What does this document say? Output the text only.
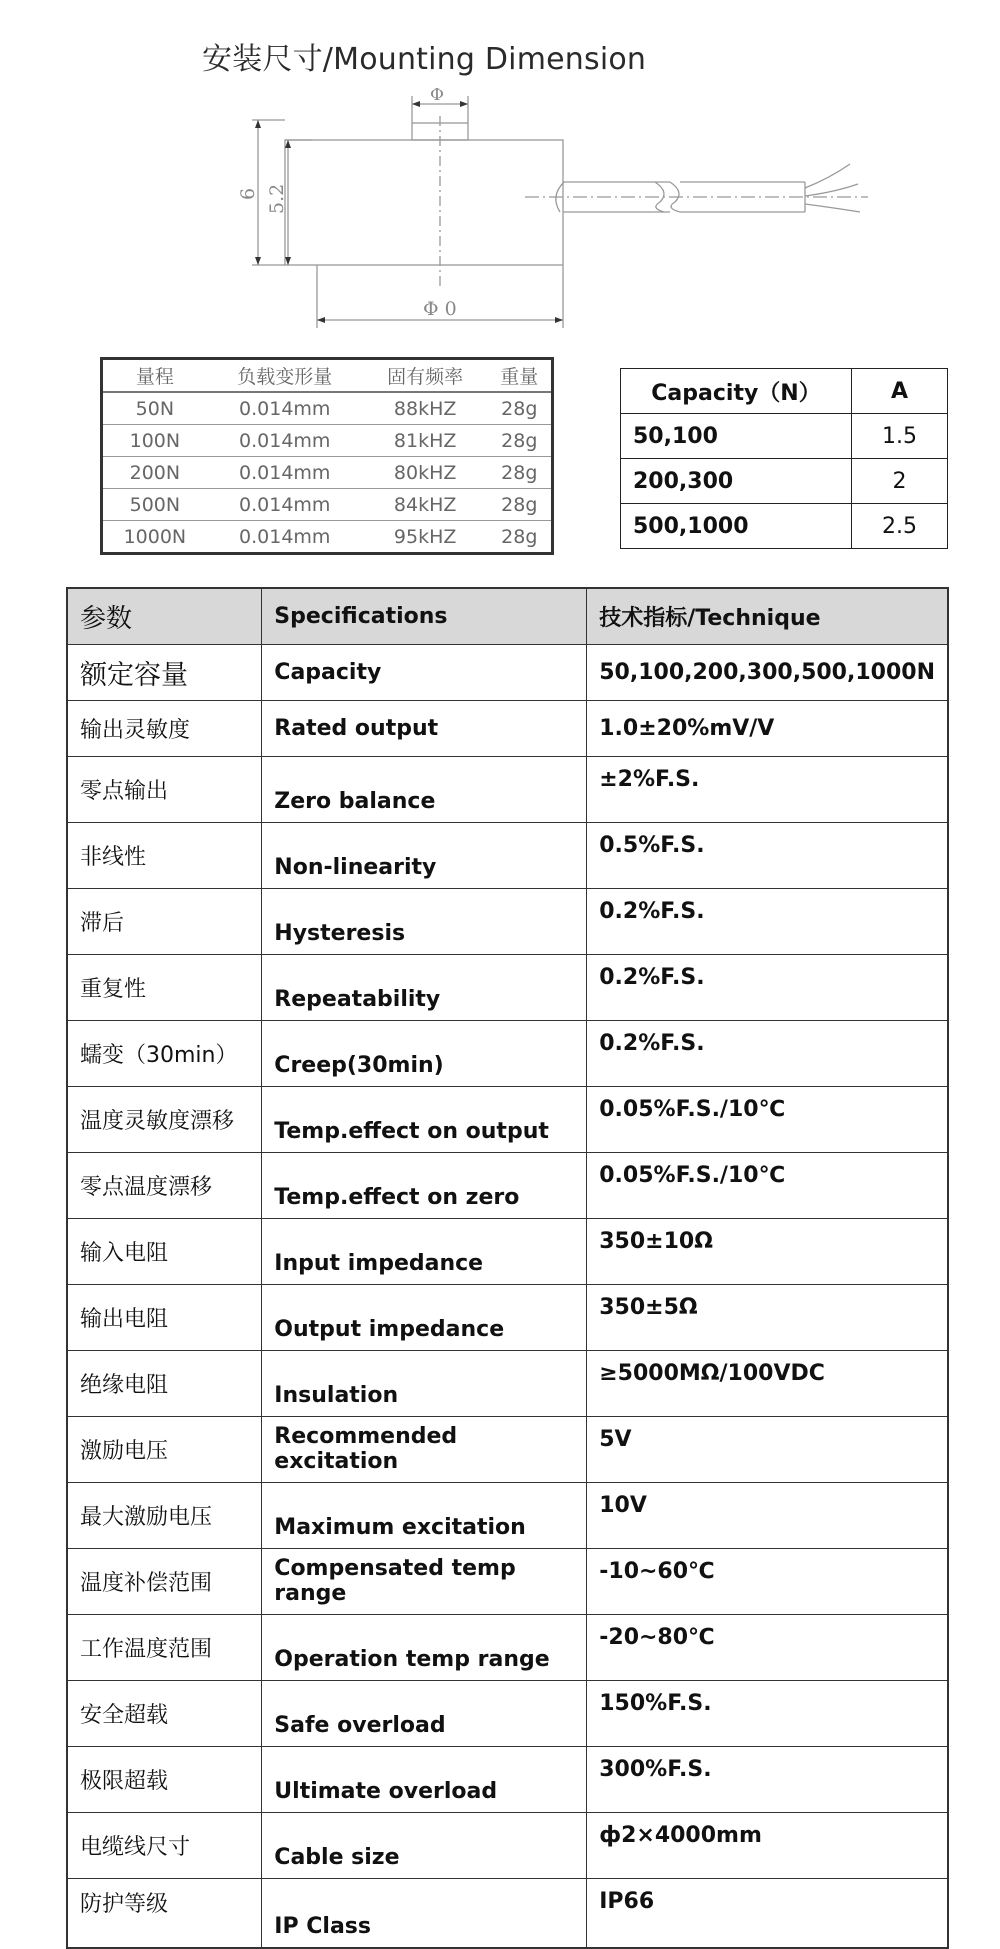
安装尺寸/Mounting Dimension
Φ
Φ 0
6 5.2
量程	负载变形量	固有频率	重量
50N	0.014mm	88kHZ	28g
100N	0.014mm	81kHZ	28g
200N	0.014mm	80kHZ	28g
500N	0.014mm	84kHZ	28g
1000N	0.014mm	95kHZ	28g
Capacity（N）	A
50,100	1.5
200,300	2
500,1000	2.5
参数	Specifications	技术指标/Technique
额定容量	Capacity	50,100,200,300,500,1000N
输出灵敏度	Rated output	1.0±20%mV/V
零点输出	Zero balance	±2%F.S.
非线性	Non-linearity	0.5%F.S.
滞后	Hysteresis	0.2%F.S.
重复性	Repeatability	0.2%F.S.
蠕变（30min）	Creep(30min)	0.2%F.S.
温度灵敏度漂移	Temp.effect on output	0.05%F.S./10℃
零点温度漂移	Temp.effect on zero	0.05%F.S./10℃
输入电阻	Input impedance	350±10Ω
输出电阻	Output impedance	350±5Ω
绝缘电阻	Insulation	≥5000MΩ/100VDC
激励电压	Recommended excitation	5V
最大激励电压	Maximum excitation	10V
温度补偿范围	Compensated temp range	-10~60℃
工作温度范围	Operation temp range	-20~80℃
安全超载	Safe overload	150%F.S.
极限超载	Ultimate overload	300%F.S.
电缆线尺寸	Cable size	ф2×4000mm
防护等级	IP Class	IP66
